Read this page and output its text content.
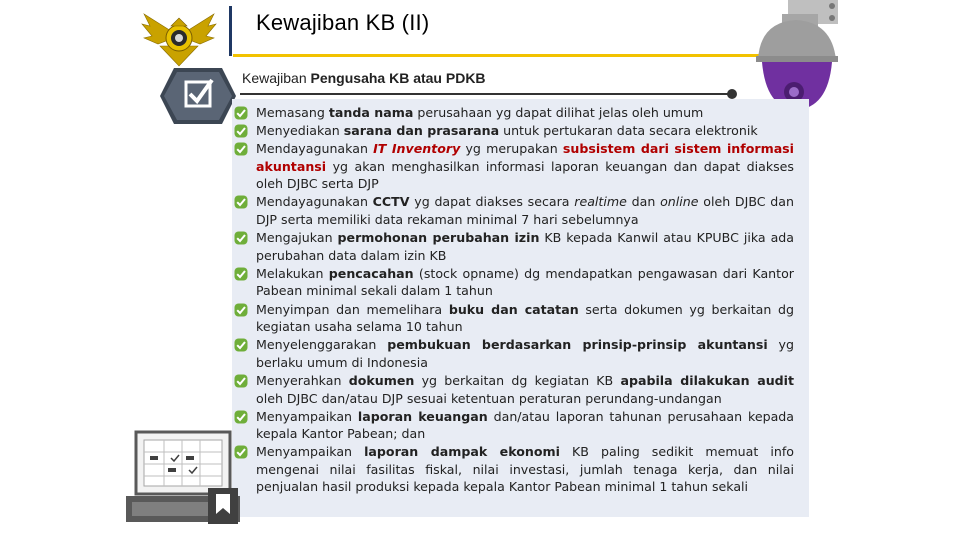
Kewajiban KB (II)
Kewajiban Pengusaha KB atau PDKB
Memasang tanda nama perusahaan yg dapat dilihat jelas oleh umum
Menyediakan sarana dan prasarana untuk pertukaran data secara elektronik
Mendayagunakan IT Inventory yg merupakan subsistem dari sistem informasi akuntansi yg akan menghasilkan informasi laporan keuangan dan dapat diakses oleh DJBC serta DJP
Mendayagunakan CCTV yg dapat diakses secara realtime dan online oleh DJBC dan DJP serta memiliki data rekaman minimal 7 hari sebelumnya
Mengajukan permohonan perubahan izin KB kepada Kanwil atau KPUBC jika ada perubahan data dalam izin KB
Melakukan pencacahan (stock opname) dg mendapatkan pengawasan dari Kantor Pabean minimal sekali dalam 1 tahun
Menyimpan dan memelihara buku dan catatan serta dokumen yg berkaitan dg kegiatan usaha selama 10 tahun
Menyelenggarakan pembukuan berdasarkan prinsip-prinsip akuntansi yg berlaku umum di Indonesia
Menyerahkan dokumen yg berkaitan dg kegiatan KB apabila dilakukan audit oleh DJBC dan/atau DJP sesuai ketentuan peraturan perundang-undangan
Menyampaikan laporan keuangan dan/atau laporan tahunan perusahaan kepada kepala Kantor Pabean; dan
Menyampaikan laporan dampak ekonomi KB paling sedikit memuat info mengenai nilai fasilitas fiskal, nilai investasi, jumlah tenaga kerja, dan nilai penjualan hasil produksi kepada kepala Kantor Pabean minimal 1 tahun sekali
